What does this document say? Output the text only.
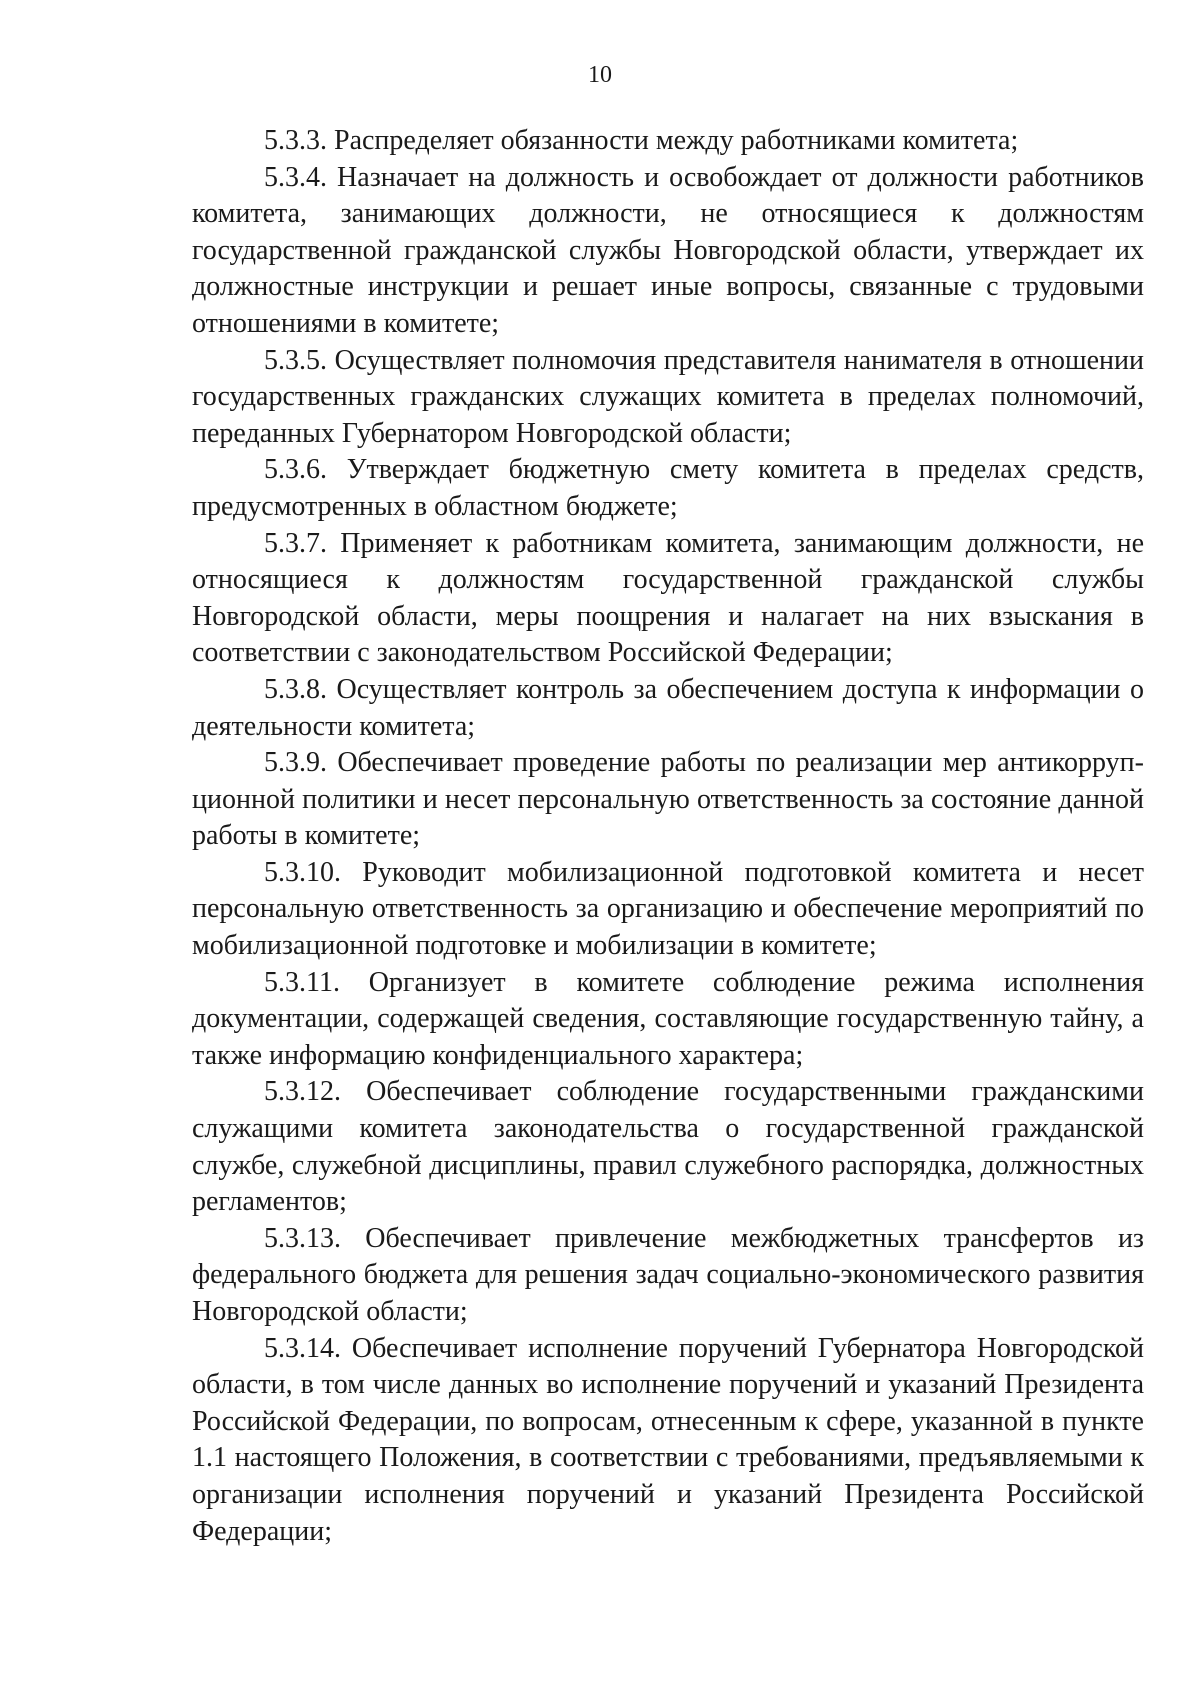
10

5.3.3. Распределяет обязанности между работниками комитета;

5.3.4. Назначает на должность и освобождает от должности работников комитета, занимающих должности, не относящиеся к должностям государственной гражданской службы Новгородской области, утверждает их должностные инструкции и решает иные вопросы, связанные с трудовыми отношениями в комитете;

5.3.5. Осуществляет полномочия представителя нанимателя в отношении государственных гражданских служащих комитета в пределах полномочий, переданных Губернатором Новгородской области;

5.3.6. Утверждает бюджетную смету комитета в пределах средств, предусмотренных в областном бюджете;

5.3.7. Применяет к работникам комитета, занимающим должности, не относящиеся к должностям государственной гражданской службы Новгородской области, меры поощрения и налагает на них взыскания в соответствии с законодательством Российской Федерации;

5.3.8. Осуществляет контроль за обеспечением доступа к информации о деятельности комитета;

5.3.9. Обеспечивает проведение работы по реализации мер антикоррупционной политики и несет персональную ответственность за состояние данной работы в комитете;

5.3.10. Руководит мобилизационной подготовкой комитета и несет персональную ответственность за организацию и обеспечение мероприятий по мобилизационной подготовке и мобилизации в комитете;

5.3.11. Организует в комитете соблюдение режима исполнения документации, содержащей сведения, составляющие государственную тайну, а также информацию конфиденциального характера;

5.3.12. Обеспечивает соблюдение государственными гражданскими служащими комитета законодательства о государственной гражданской службе, служебной дисциплины, правил служебного распорядка, должностных регламентов;

5.3.13. Обеспечивает привлечение межбюджетных трансфертов из федерального бюджета для решения задач социально-экономического развития Новгородской области;

5.3.14. Обеспечивает исполнение поручений Губернатора Новгородской области, в том числе данных во исполнение поручений и указаний Президента Российской Федерации, по вопросам, отнесенным к сфере, указанной в пункте 1.1 настоящего Положения, в соответствии с требованиями, предъявляемыми к организации исполнения поручений и указаний Президента Российской Федерации;
